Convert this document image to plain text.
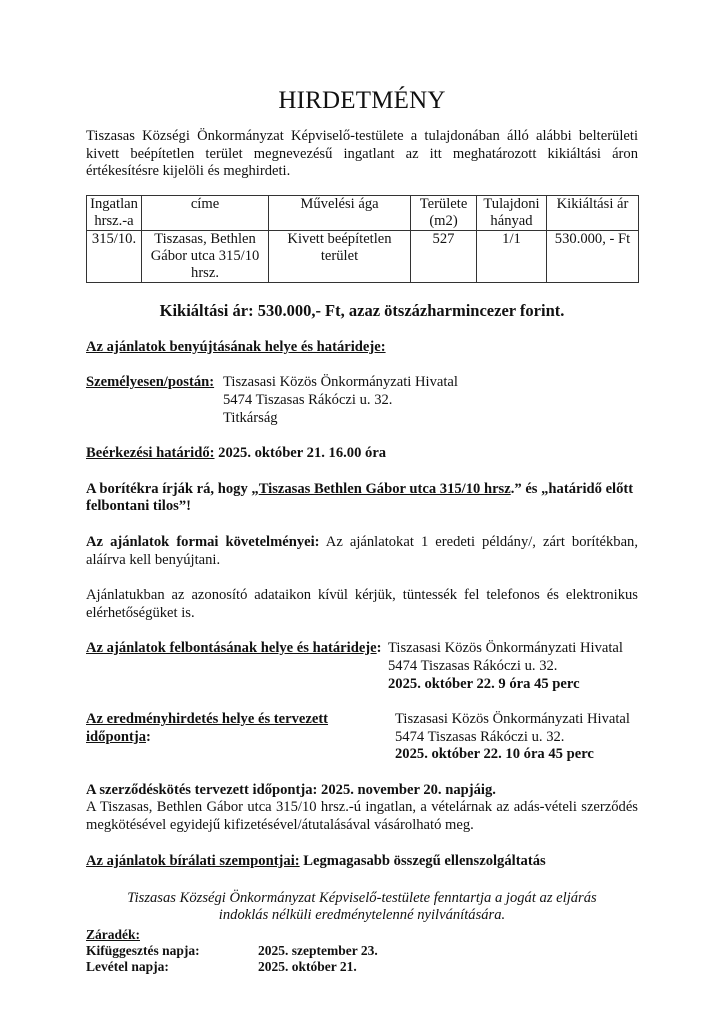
HIRDETMÉNY

Tiszasas Községi Önkormányzat Képviselő-testülete a tulajdonában álló alábbi belterületi kivett beépítetlen terület megnevezésű ingatlant az itt meghatározott kikiáltási áron értékesítésre kijelöli és meghirdeti.

Ingatlan hrsz.-a	címe	Művelési ága	Területe (m2)	Tulajdoni hányad	Kikiáltási ár
315/10.	Tiszasas, Bethlen Gábor utca 315/10 hrsz.	Kivett beépítetlen terület	527	1/1	530.000, - Ft
Kikiáltási ár: 530.000,- Ft, azaz ötszázharmincezer forint.
Az ajánlatok benyújtásának helye és határideje:
Személyesen/postán: Tiszasasi Közös Önkormányzati Hivatal

5474 Tiszasas Rákóczi u. 32.

Titkárság

Beérkezési határidő: 2025. október 21. 16.00 óra
A borítékra írják rá, hogy „Tiszasas Bethlen Gábor utca 315/10 hrsz.” és „határidő előtt felbontani tilos”!

Az ajánlatok formai követelményei: Az ajánlatokat 1 eredeti példány/, zárt borítékban, aláírva kell benyújtani.

Ajánlatukban az azonosító adataikon kívül kérjük, tüntessék fel telefonos és elektronikus elérhetőségüket is.

Az ajánlatok felbontásának helye és határideje: Tiszasasi Közös Önkormányzati Hivatal

5474 Tiszasas Rákóczi u. 32.

2025. október 22. 9 óra 45 perc

Az eredményhirdetés helye és tervezett időpontja:

Tiszasasi Közös Önkormányzati Hivatal

5474 Tiszasas Rákóczi u. 32.

2025. október 22. 10 óra 45 perc

A szerződéskötés tervezett időpontja: 2025. november 20. napjáig.

A Tiszasas, Bethlen Gábor utca 315/10 hrsz.-ú ingatlan, a vételárnak az adás-vételi szerződés megkötésével egyidejű kifizetésével/átutalásával vásárolható meg.

Az ajánlatok bírálati szempontjai: Legmagasabb összegű ellenszolgáltatás
Tiszasas Községi Önkormányzat Képviselő-testülete fenntartja a jogát az eljárás indoklás nélküli eredménytelenné nyilvánítására.
Záradék:
Kifüggesztés napja:	2025. szeptember 23.
Levétel napja:	2025. október 21.
